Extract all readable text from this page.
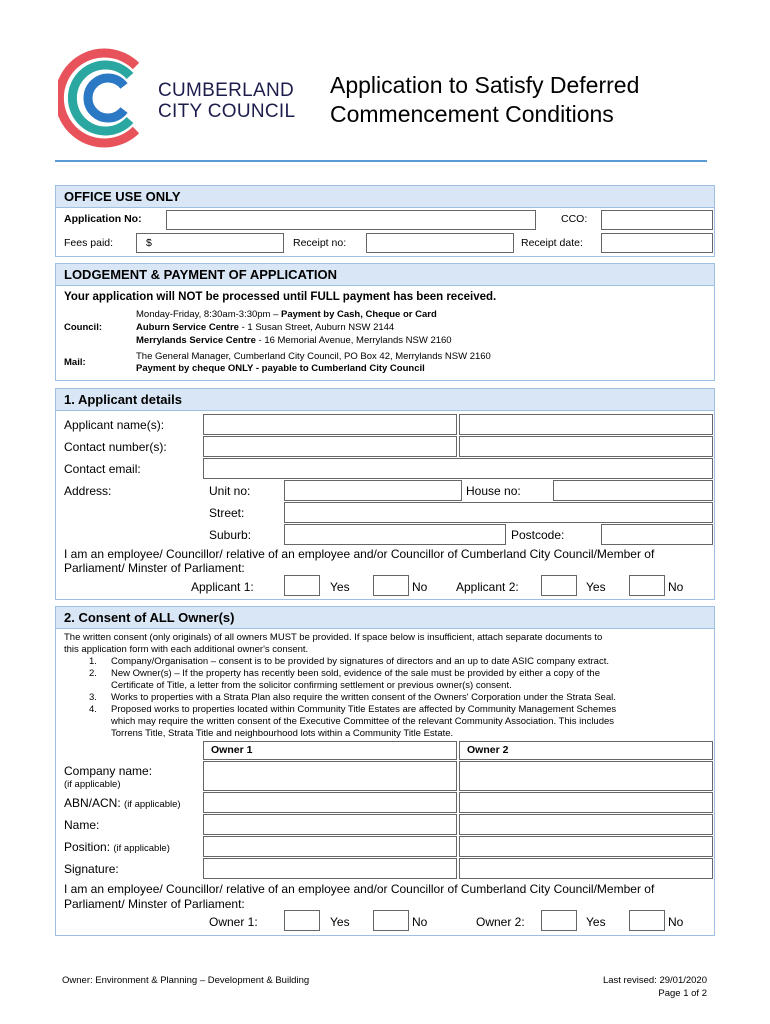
CUMBERLAND
CITY COUNCIL
Application to Satisfy Deferred
Commencement Conditions
OFFICE USE ONLY
Application No:	CCO:
Fees paid:	$	Receipt no:	Receipt date:
LODGEMENT & PAYMENT OF APPLICATION
Your application will NOT be processed until FULL payment has been received.
Council:
Monday-Friday, 8:30am-3:30pm – Payment by Cash, Cheque or Card
Auburn Service Centre - 1 Susan Street, Auburn NSW 2144
Merrylands Service Centre - 16 Memorial Avenue, Merrylands NSW 2160
Mail:
The General Manager, Cumberland City Council, PO Box 42, Merrylands NSW 2160
Payment by cheque ONLY - payable to Cumberland City Council
1. Applicant details
Applicant name(s):
Contact number(s):
Contact email:
Address:	Unit no:	House no:
Street:
Suburb:	Postcode:
I am an employee/ Councillor/ relative of an employee and/or Councillor of Cumberland City Council/Member of
Parliament/ Minster of Parliament:
Applicant 1:	Yes	No Applicant 2:	Yes	No
2. Consent of ALL Owner(s)
The written consent (only originals) of all owners MUST be provided. If space below is insufficient, attach separate documents to
this application form with each additional owner's consent.
1. Company/Organisation – consent is to be provided by signatures of directors and an up to date ASIC company extract.
2. New Owner(s) – If the property has recently been sold, evidence of the sale must be provided by either a copy of the
Certificate of Title, a letter from the solicitor confirming settlement or previous owner(s) consent.
3. Works to properties with a Strata Plan also require the written consent of the Owners' Corporation under the Strata Seal.
4. Proposed works to properties located within Community Title Estates are affected by Community Management Schemes
which may require the written consent of the Executive Committee of the relevant Community Association. This includes
Torrens Title, Strata Title and neighbourhood lots within a Community Title Estate.
Owner 1	Owner 2
Company name:
(if applicable)
ABN/ACN: (if applicable)
Name:
Position: (if applicable)
Signature:
I am an employee/ Councillor/ relative of an employee and/or Councillor of Cumberland City Council/Member of
Parliament/ Minster of Parliament:
Owner 1:	Yes	No	Owner 2:	Yes	No
Owner: Environment & Planning – Development & Building	Last revised: 29/01/2020
Page 1 of 2
